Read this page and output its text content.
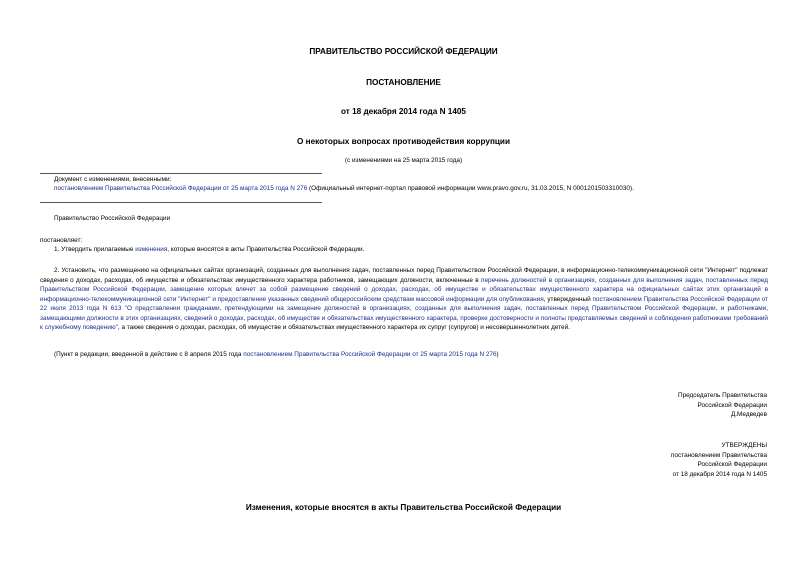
ПРАВИТЕЛЬСТВО РОССИЙСКОЙ ФЕДЕРАЦИИ
ПОСТАНОВЛЕНИЕ
от 18 декабря 2014 года N 1405
О некоторых вопросах противодействия коррупции
(с изменениями на 25 марта 2015 года)
Документ с изменениями, внесенными:
постановлением Правительства Российской Федерации от 25 марта 2015 года N 276 (Официальный интернет-портал правовой информации www.pravo.gov.ru, 31.03.2015, N 0001201503310030).
Правительство Российской Федерации
постановляет:
1. Утвердить прилагаемые изменения, которые вносятся в акты Правительства Российской Федерации.
2. Установить, что размещению на официальных сайтах организаций, созданных для выполнения задач, поставленных перед Правительством Российской Федерации, в информационно-телекоммуникационной сети "Интернет" подлежат сведения о доходах, расходах, об имуществе и обязательствах имущественного характера работников, замещающих должности, включенные в перечень должностей в организациях, созданных для выполнения задач, поставленных перед Правительством Российской Федерации, замещение которых влечет за собой размещение сведений о доходах, расходах, об имуществе и обязательствах имущественного характера на официальных сайтах этих организаций в информационно-телекоммуникационной сети "Интернет" и предоставление указанных сведений общероссийским средствам массовой информации для опубликования, утвержденный постановлением Правительства Российской Федерации от 22 июля 2013 года N 613 "О представлении гражданами, претендующими на замещение должностей в организациях, созданных для выполнения задач, поставленных перед Правительством Российской Федерации, и работниками, замещающими должности в этих организациях, сведений о доходах, расходах, об имуществе и обязательствах имущественного характера, проверке достоверности и полноты представляемых сведений и соблюдения работниками требований к служебному поведению", а также сведения о доходах, расходах, об имуществе и обязательствах имущественного характера их супруг (супругов) и несовершеннолетних детей.
(Пункт в редакции, введенной в действие с 8 апреля 2015 года постановлением Правительства Российской Федерации от 25 марта 2015 года N 276)
Председатель Правительства
Российской Федерации
Д.Медведев
УТВЕРЖДЕНЫ
постановлением Правительства
Российской Федерации
от 18 декабря 2014 года N 1405
Изменения, которые вносятся в акты Правительства Российской Федерации
